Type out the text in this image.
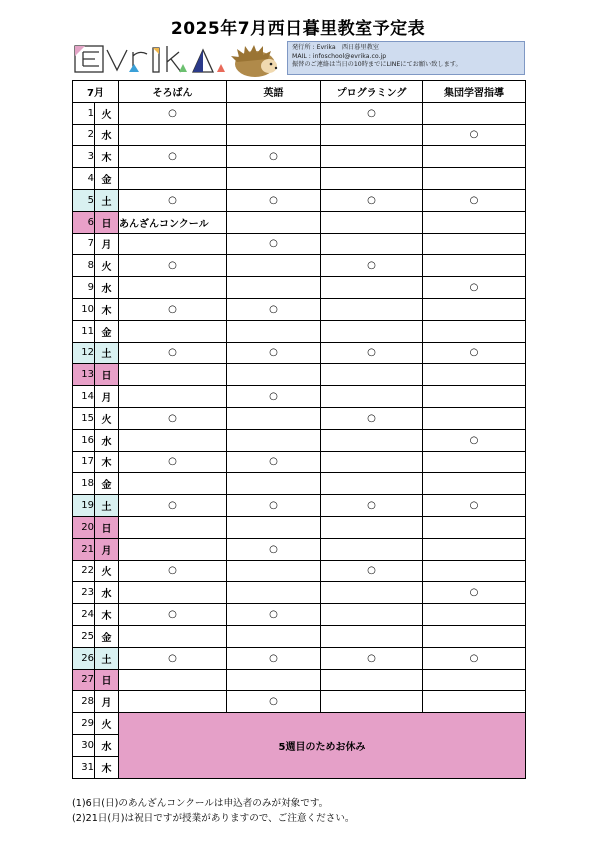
2025年7月西日暮里教室予定表
発行所 : Evrika　西日暮里教室
MAIL : infoschool@evrika.co.jp
振替のご連絡は当日の10時までにLINEにてお願い致します。
7月		そろばん	英語	プログラミング	集団学習指導
1	火	○		○	
2	水				○
3	木	○	○		
4	金				
5	土	○	○	○	○
6	日	あんざんコンクール			
7	月		○		
8	火	○		○	
9	水				○
10	木	○	○		
11	金				
12	土	○	○	○	○
13	日				
14	月		○		
15	火	○		○	
16	水				○
17	木	○	○		
18	金				
19	土	○	○	○	○
20	日				
21	月		○		
22	火	○		○	
23	水				○
24	木	○	○		
25	金				
26	土	○	○	○	○
27	日				
28	月		○		
29	火	5週目のためお休み			
30	水				
31	木				
(1)6日(日)のあんざんコンクールは申込者のみが対象です。
(2)21日(月)は祝日ですが授業がありますので、ご注意ください。
